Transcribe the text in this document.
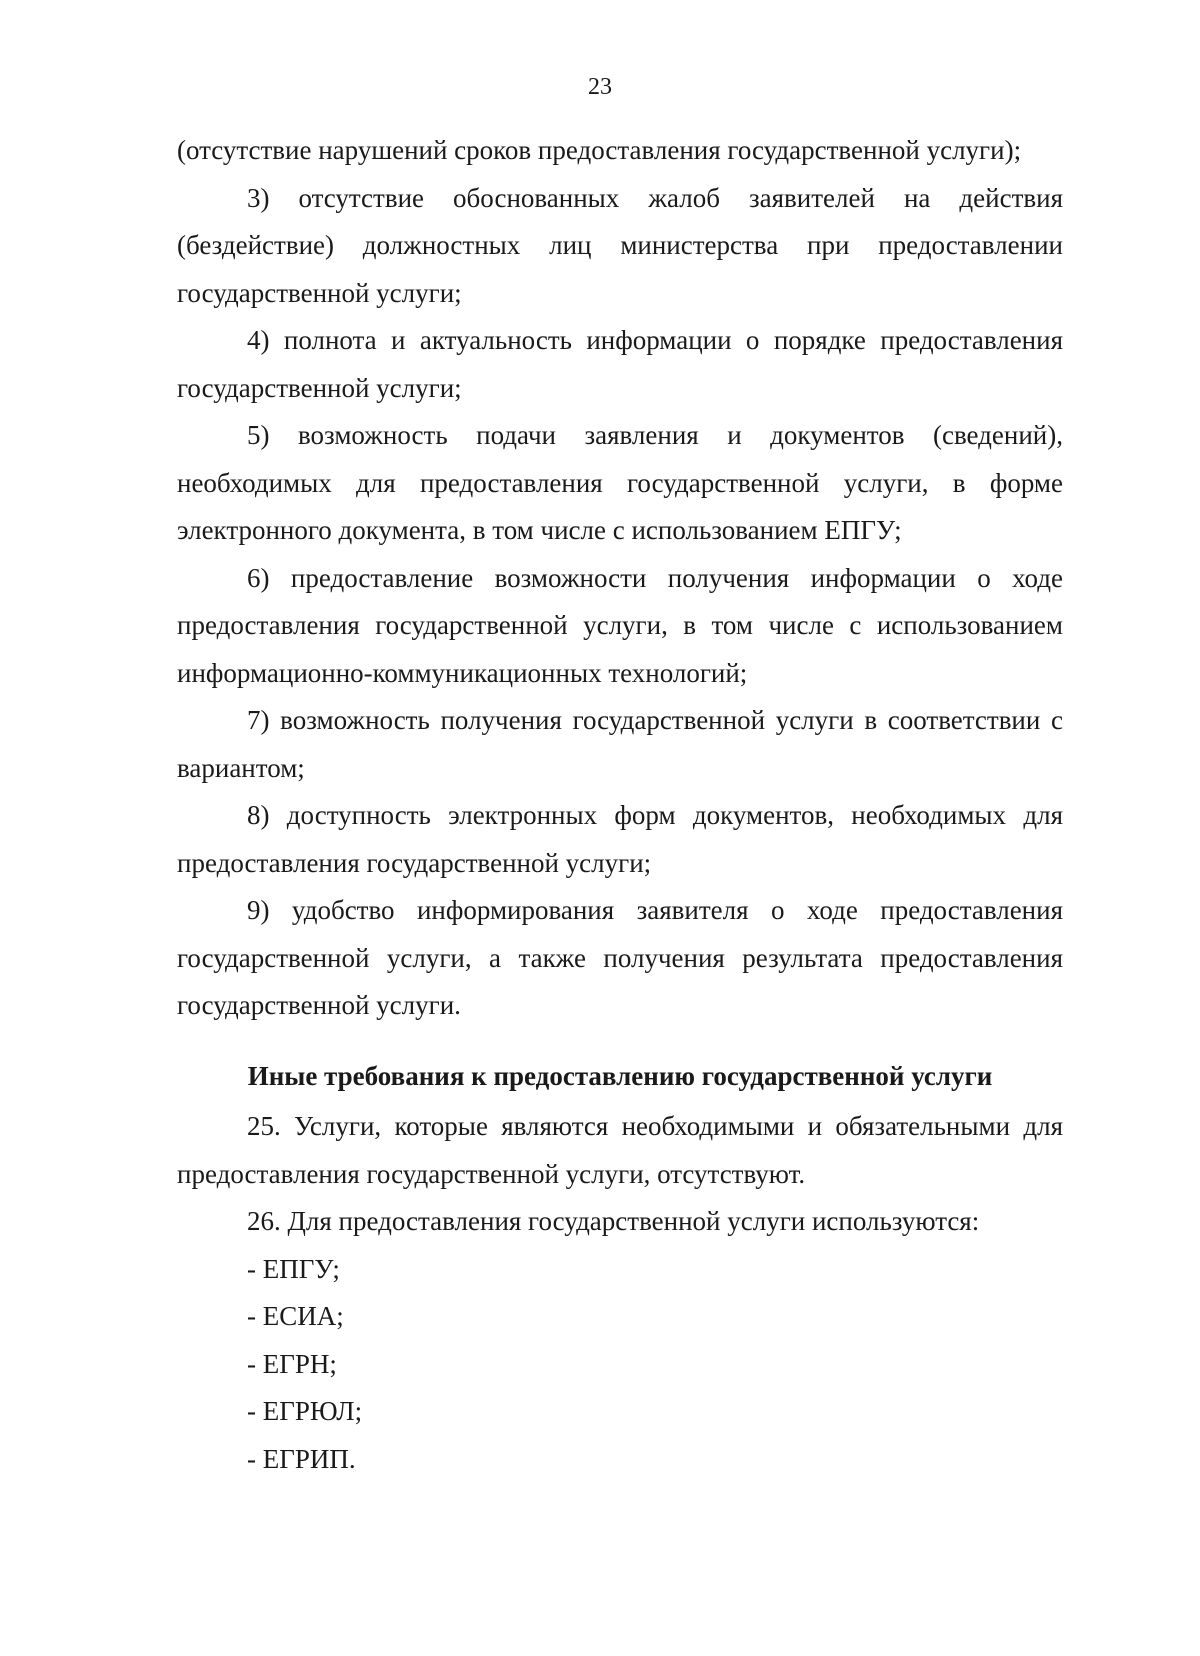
23

(отсутствие нарушений сроков предоставления государственной услуги);

3) отсутствие обоснованных жалоб заявителей на действия (бездействие) должностных лиц министерства при предоставлении государственной услуги;

4) полнота и актуальность информации о порядке предоставления государственной услуги;

5) возможность подачи заявления и документов (сведений), необходимых для предоставления государственной услуги, в форме электронного документа, в том числе с использованием ЕПГУ;

6) предоставление возможности получения информации о ходе предоставления государственной услуги, в том числе с использованием информационно-коммуникационных технологий;

7) возможность получения государственной услуги в соответствии с вариантом;

8) доступность электронных форм документов, необходимых для предоставления государственной услуги;

9) удобство информирования заявителя о ходе предоставления государственной услуги, а также получения результата предоставления государственной услуги.

Иные требования к предоставлению государственной услуги

25. Услуги, которые являются необходимыми и обязательными для предоставления государственной услуги, отсутствуют.

26. Для предоставления государственной услуги используются:

- ЕПГУ;

- ЕСИА;

- ЕГРН;

- ЕГРЮЛ;

- ЕГРИП.
